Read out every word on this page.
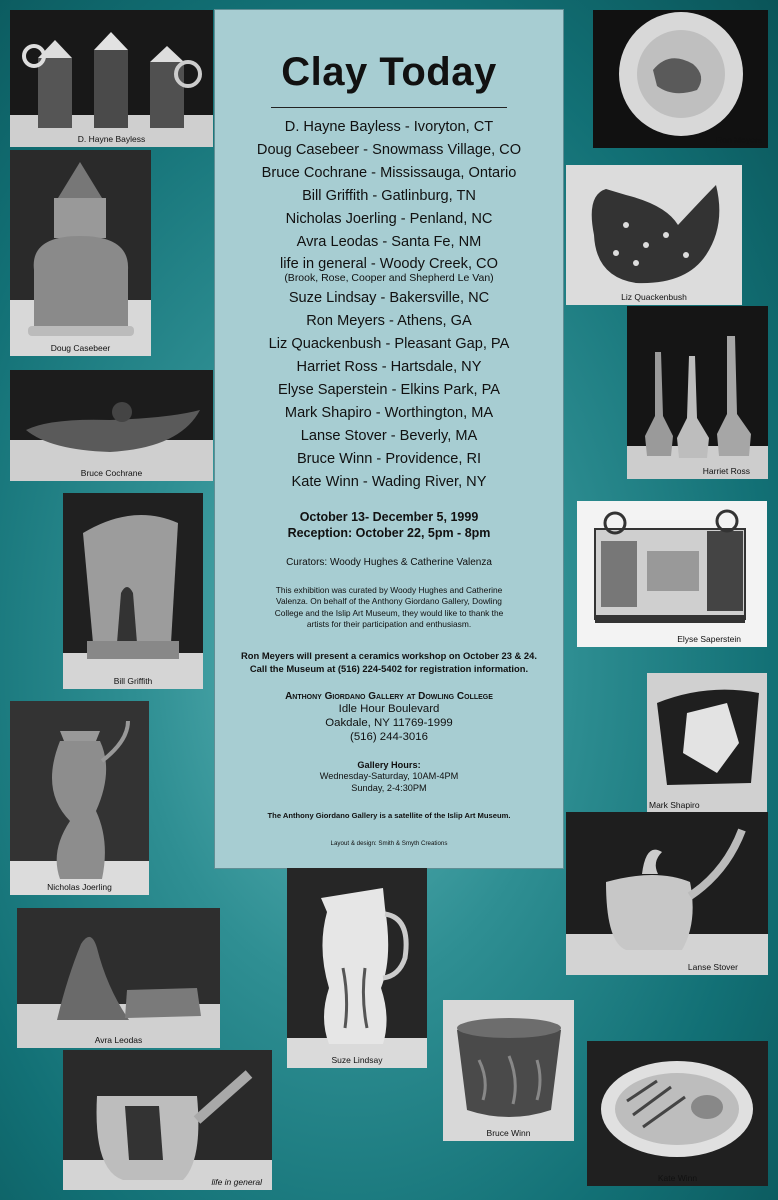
Clay Today
D. Hayne Bayless - Ivoryton, CT
Doug Casebeer - Snowmass Village, CO
Bruce Cochrane - Mississauga, Ontario
Bill Griffith - Gatlinburg, TN
Nicholas Joerling - Penland, NC
Avra Leodas - Santa Fe, NM
life in general - Woody Creek, CO
(Brook, Rose, Cooper and Shepherd Le Van)
Suze Lindsay - Bakersville, NC
Ron Meyers - Athens, GA
Liz Quackenbush - Pleasant Gap, PA
Harriet Ross - Hartsdale, NY
Elyse Saperstein - Elkins Park, PA
Mark Shapiro - Worthington, MA
Lanse Stover - Beverly, MA
Bruce Winn - Providence, RI
Kate Winn - Wading River, NY
October 13- December 5, 1999
Reception: October 22, 5pm - 8pm
Curators: Woody Hughes & Catherine Valenza
This exhibition was curated by Woody Hughes and Catherine Valenza. On behalf of the Anthony Giordano Gallery, Dowling College and the Islip Art Museum, they would like to thank the artists for their participation and enthusiasm.
Ron Meyers will present a ceramics workshop on October 23 & 24.
Call the Museum at (516) 224-5402 for registration information.
Anthony Giordano Gallery at Dowling College
Idle Hour Boulevard
Oakdale, NY 11769-1999
(516) 244-3016
Gallery Hours:
Wednesday-Saturday, 10AM-4PM
Sunday, 2-4:30PM
The Anthony Giordano Gallery is a satellite of the Islip Art Museum.
Layout & design: Smith & Smyth Creations
D. Hayne Bayless
Doug Casebeer
Bruce Cochrane
Bill Griffith
Nicholas Joerling
Avra Leodas
life in general
Suze Lindsay
Bruce Winn
Ron Meyers
Liz Quackenbush
Harriet Ross
Elyse Saperstein
Mark Shapiro
Lanse Stover
Kate Winn
